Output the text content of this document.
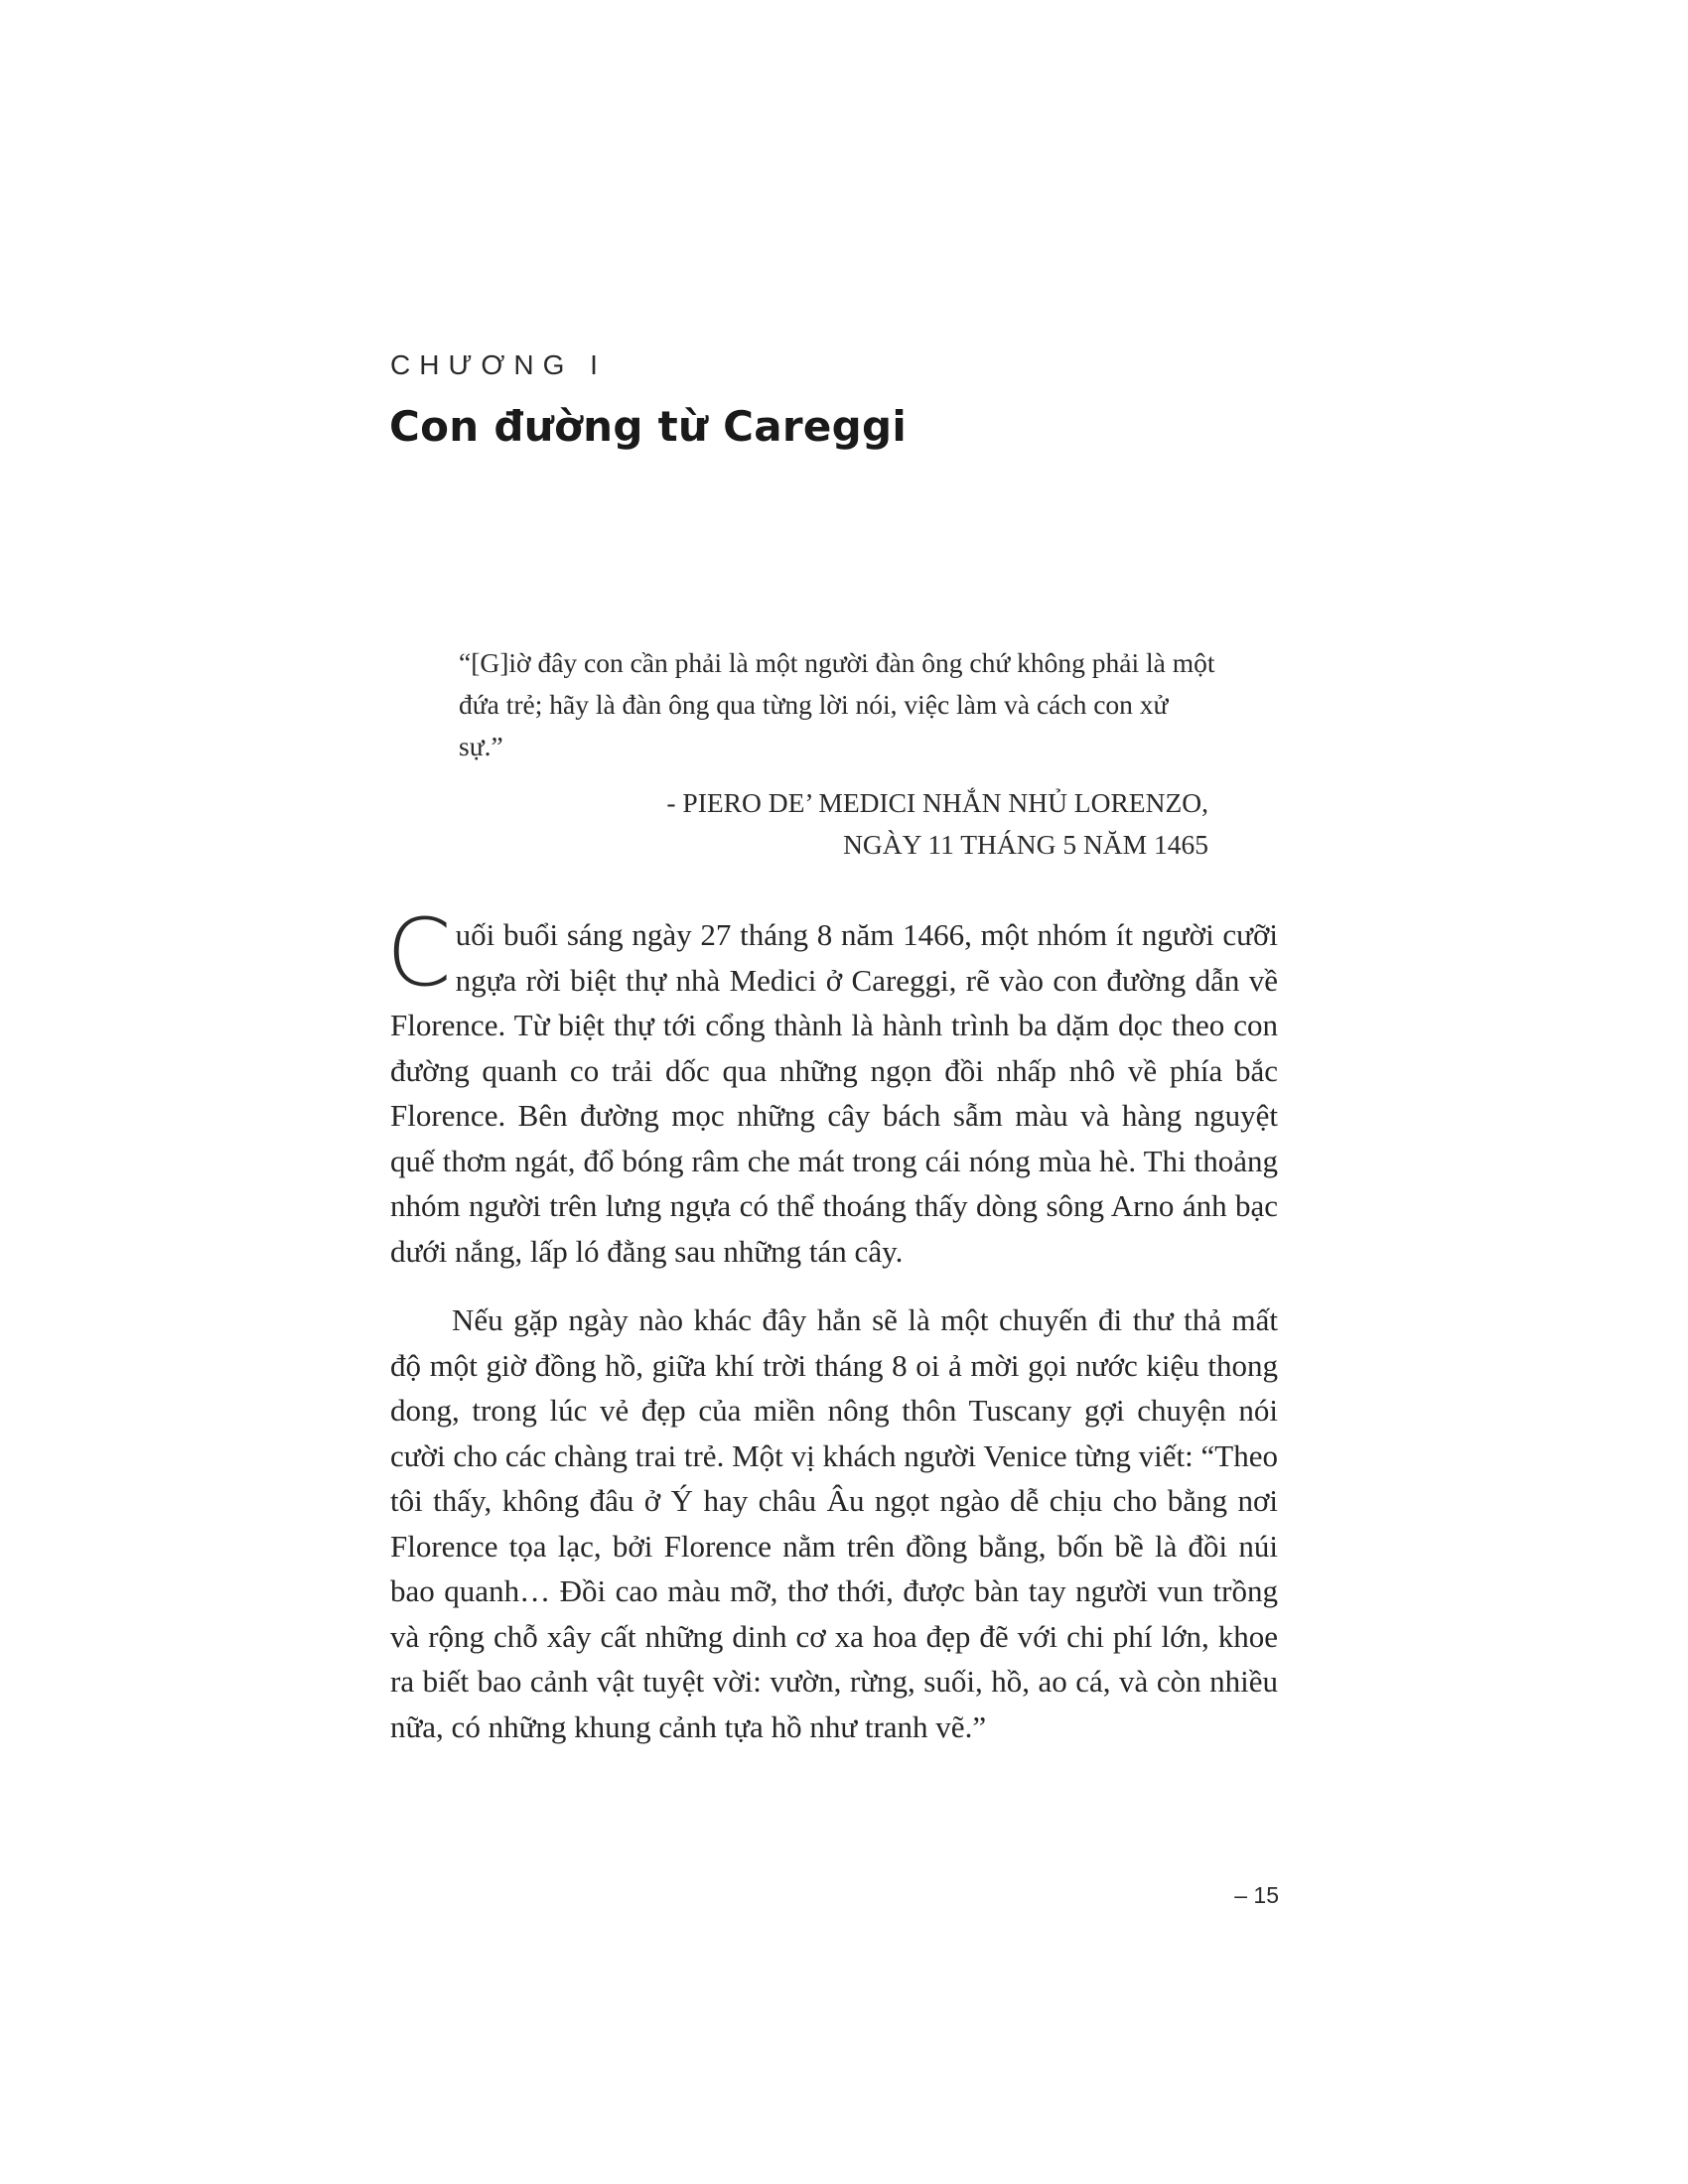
CHƯƠNG I
Con đường từ Careggi

“[G]iờ đây con cần phải là một người đàn ông chứ không phải là một đứa trẻ; hãy là đàn ông qua từng lời nói, việc làm và cách con xử sự.”

- PIERO DE’ MEDICI NHẮN NHỦ LORENZO,
NGÀY 11 THÁNG 5 NĂM 1465

Cuối buổi sáng ngày 27 tháng 8 năm 1466, một nhóm ít người cưỡi ngựa rời biệt thự nhà Medici ở Careggi, rẽ vào con đường dẫn về Florence. Từ biệt thự tới cổng thành là hành trình ba dặm dọc theo con đường quanh co trải dốc qua những ngọn đồi nhấp nhô về phía bắc Florence. Bên đường mọc những cây bách sẫm màu và hàng nguyệt quế thơm ngát, đổ bóng râm che mát trong cái nóng mùa hè. Thi thoảng nhóm người trên lưng ngựa có thể thoáng thấy dòng sông Arno ánh bạc dưới nắng, lấp ló đằng sau những tán cây.

Nếu gặp ngày nào khác đây hẳn sẽ là một chuyến đi thư thả mất độ một giờ đồng hồ, giữa khí trời tháng 8 oi ả mời gọi nước kiệu thong dong, trong lúc vẻ đẹp của miền nông thôn Tuscany gợi chuyện nói cười cho các chàng trai trẻ. Một vị khách người Venice từng viết: “Theo tôi thấy, không đâu ở Ý hay châu Âu ngọt ngào dễ chịu cho bằng nơi Florence tọa lạc, bởi Florence nằm trên đồng bằng, bốn bề là đồi núi bao quanh… Đồi cao màu mỡ, thơ thới, được bàn tay người vun trồng và rộng chỗ xây cất những dinh cơ xa hoa đẹp đẽ với chi phí lớn, khoe ra biết bao cảnh vật tuyệt vời: vườn, rừng, suối, hồ, ao cá, và còn nhiều nữa, có những khung cảnh tựa hồ như tranh vẽ.”

– 15
